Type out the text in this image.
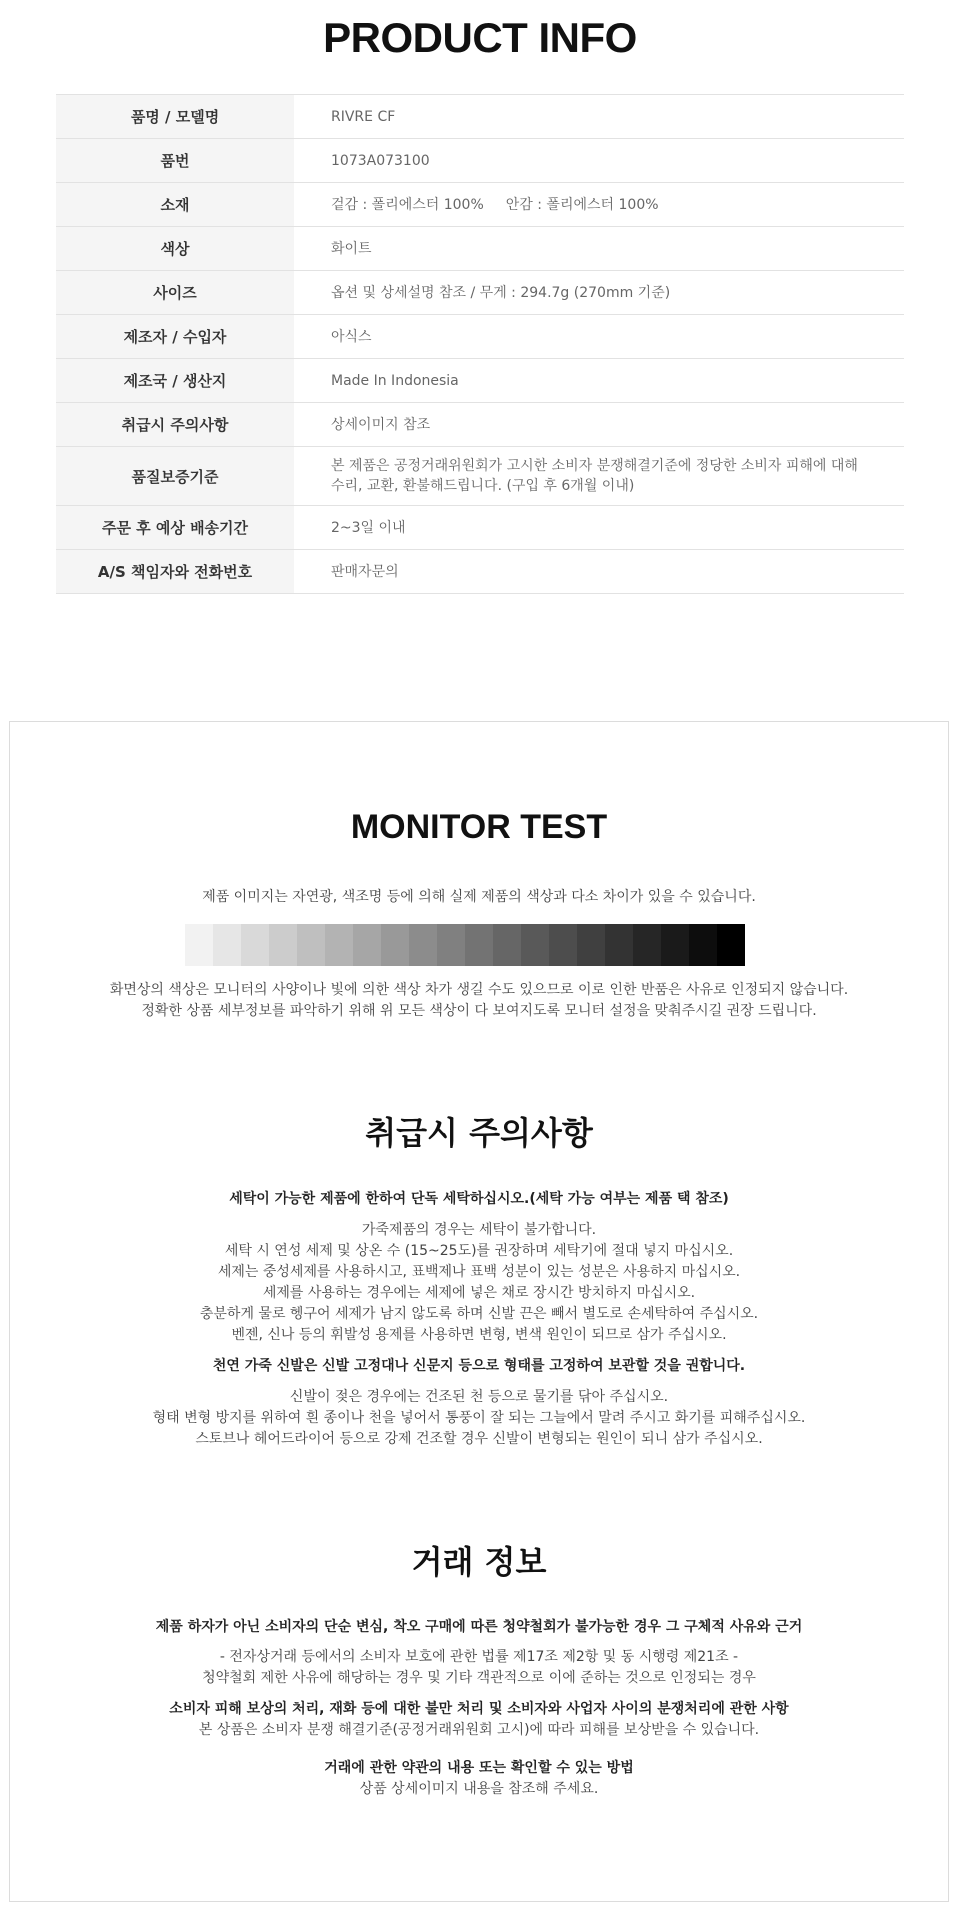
PRODUCT INFO
품명 / 모델명	RIVRE CF
품번	1073A073100
소재	겉감 : 폴리에스터 100% 안감 : 폴리에스터 100%
색상	화이트
사이즈	옵션 및 상세설명 참조 / 무게 : 294.7g (270mm 기준)
제조자 / 수입자	아식스
제조국 / 생산지	Made In Indonesia
취급시 주의사항	상세이미지 참조
품질보증기준	본 제품은 공정거래위원회가 고시한 소비자 분쟁해결기준에 정당한 소비자 피해에 대해
수리, 교환, 환불해드립니다. (구입 후 6개월 이내)

주문 후 예상 배송기간	2~3일 이내
A/S 책임자와 전화번호	판매자문의
MONITOR TEST

제품 이미지는 자연광, 색조명 등에 의해 실제 제품의 색상과 다소 차이가 있을 수 있습니다.

화면상의 색상은 모니터의 사양이나 빛에 의한 색상 차가 생길 수도 있으므로 이로 인한 반품은 사유로 인정되지 않습니다.

정확한 상품 세부정보를 파악하기 위해 위 모든 색상이 다 보여지도록 모니터 설정을 맞춰주시길 권장 드립니다.

취급시 주의사항

세탁이 가능한 제품에 한하여 단독 세탁하십시오.(세탁 가능 여부는 제품 택 참조)

가죽제품의 경우는 세탁이 불가합니다.

세탁 시 연성 세제 및 상온 수 (15~25도)를 권장하며 세탁기에 절대 넣지 마십시오.

세제는 중성세제를 사용하시고, 표백제나 표백 성분이 있는 성분은 사용하지 마십시오.

세제를 사용하는 경우에는 세제에 넣은 채로 장시간 방치하지 마십시오.

충분하게 물로 헹구어 세제가 남지 않도록 하며 신발 끈은 빼서 별도로 손세탁하여 주십시오.

벤젠, 신나 등의 휘발성 용제를 사용하면 변형, 변색 원인이 되므로 삼가 주십시오.

천연 가죽 신발은 신발 고정대나 신문지 등으로 형태를 고정하여 보관할 것을 권합니다.

신발이 젖은 경우에는 건조된 천 등으로 물기를 닦아 주십시오.

형태 변형 방지를 위하여 흰 종이나 천을 넣어서 통풍이 잘 되는 그늘에서 말려 주시고 화기를 피해주십시오.

스토브나 헤어드라이어 등으로 강제 건조할 경우 신발이 변형되는 원인이 되니 삼가 주십시오.

거래 정보

제품 하자가 아닌 소비자의 단순 변심, 착오 구매에 따른 청약철회가 불가능한 경우 그 구체적 사유와 근거

- 전자상거래 등에서의 소비자 보호에 관한 법률 제17조 제2항 및 동 시행령 제21조 -

청약철회 제한 사유에 해당하는 경우 및 기타 객관적으로 이에 준하는 것으로 인정되는 경우

소비자 피해 보상의 처리, 재화 등에 대한 불만 처리 및 소비자와 사업자 사이의 분쟁처리에 관한 사항

본 상품은 소비자 분쟁 해결기준(공정거래위원회 고시)에 따라 피해를 보상받을 수 있습니다.

거래에 관한 약관의 내용 또는 확인할 수 있는 방법

상품 상세이미지 내용을 참조해 주세요.
